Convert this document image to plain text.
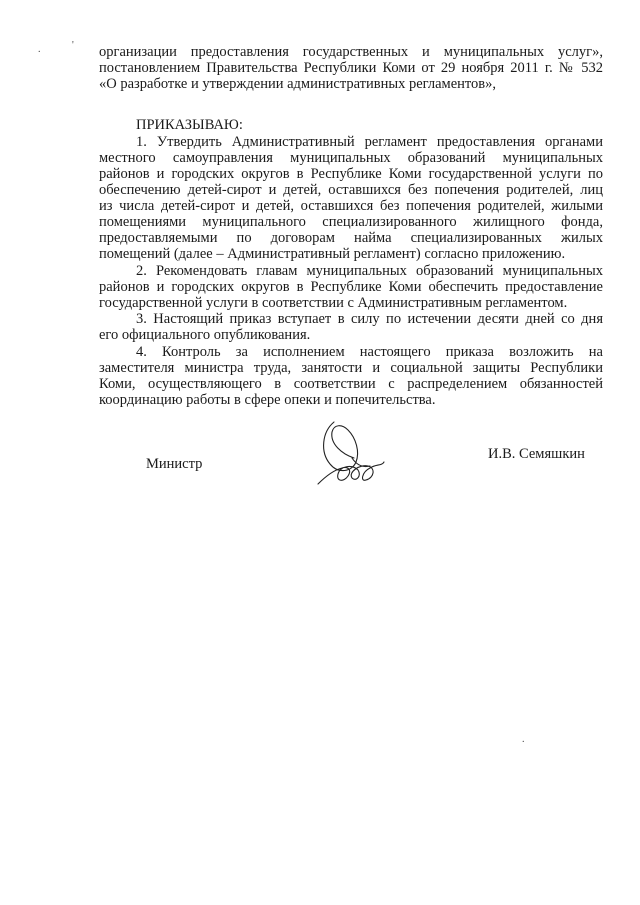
.	' организации предоставления государственных и муниципальных услуг»,
постановлением Правительства Республики Коми от 29 ноября 2011 г. № 532
«О разработке и утверждении административных регламентов»,
ПРИКАЗЫВАЮ:
1. Утвердить Административный регламент предоставления органами
местного самоуправления муниципальных образований муниципальных
районов и городских округов в Республике Коми государственной услуги по
обеспечению детей-сирот и детей, оставшихся без попечения родителей, лиц
из числа детей-сирот и детей, оставшихся без попечения родителей, жилыми
помещениями муниципального специализированного жилищного фонда,
предоставляемыми по договорам найма специализированных жилых
помещений (далее – Административный регламент) согласно приложению.
2. Рекомендовать главам муниципальных образований муниципальных
районов и городских округов в Республике Коми обеспечить предоставление
государственной услуги в соответствии с Административным регламентом.
3. Настоящий приказ вступает в силу по истечении десяти дней со дня
его официального опубликования.
4. Контроль за исполнением настоящего приказа возложить на
заместителя министра труда, занятости и социальной защиты Республики
Коми, осуществляющего в соответствии с распределением обязанностей
координацию работы в сфере опеки и попечительства.
Министр
И.В. Семяшкин
.
